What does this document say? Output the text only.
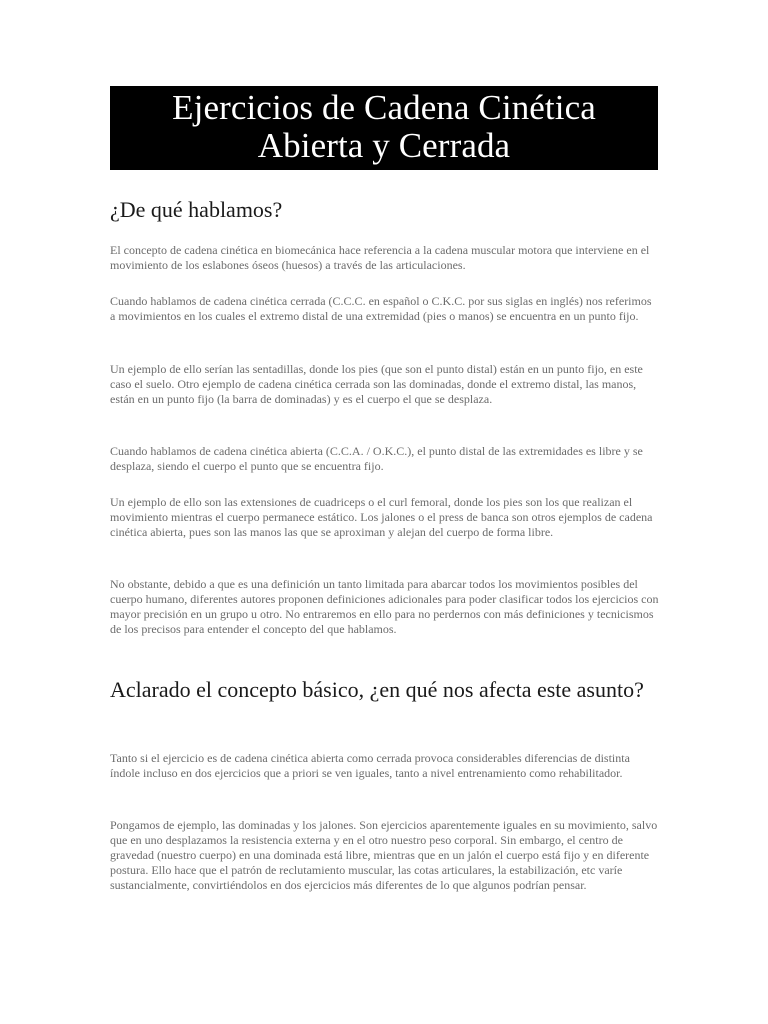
Ejercicios de Cadena Cinética
Abierta y Cerrada
¿De qué hablamos?

El concepto de cadena cinética en biomecánica hace referencia a la cadena muscular motora que interviene en el movimiento de los eslabones óseos (huesos) a través de las articulaciones.

Cuando hablamos de cadena cinética cerrada (C.C.C. en español o C.K.C. por sus siglas en inglés) nos referimos a movimientos en los cuales el extremo distal de una extremidad (pies o manos) se encuentra en un punto fijo.

Un ejemplo de ello serían las sentadillas, donde los pies (que son el punto distal) están en un punto fijo, en este caso el suelo. Otro ejemplo de cadena cinética cerrada son las dominadas, donde el extremo distal, las manos, están en un punto fijo (la barra de dominadas) y es el cuerpo el que se desplaza.

Cuando hablamos de cadena cinética abierta (C.C.A. / O.K.C.), el punto distal de las extremidades es libre y se desplaza, siendo el cuerpo el punto que se encuentra fijo.

Un ejemplo de ello son las extensiones de cuadriceps o el curl femoral, donde los pies son los que realizan el movimiento mientras el cuerpo permanece estático. Los jalones o el press de banca son otros ejemplos de cadena cinética abierta, pues son las manos las que se aproximan y alejan del cuerpo de forma libre.

No obstante, debido a que es una definición un tanto limitada para abarcar todos los movimientos posibles del cuerpo humano, diferentes autores proponen definiciones adicionales para poder clasificar todos los ejercicios con mayor precisión en un grupo u otro. No entraremos en ello para no perdernos con más definiciones y tecnicismos de los precisos para entender el concepto del que hablamos.

Aclarado el concepto básico, ¿en qué nos afecta este asunto?

Tanto si el ejercicio es de cadena cinética abierta como cerrada provoca considerables diferencias de distinta índole incluso en dos ejercicios que a priori se ven iguales, tanto a nivel entrenamiento como rehabilitador.

Pongamos de ejemplo, las dominadas y los jalones. Son ejercicios aparentemente iguales en su movimiento, salvo que en uno desplazamos la resistencia externa y en el otro nuestro peso corporal. Sin embargo, el centro de gravedad (nuestro cuerpo) en una dominada está libre, mientras que en un jalón el cuerpo está fijo y en diferente postura. Ello hace que el patrón de reclutamiento muscular, las cotas articulares, la estabilización, etc varíe sustancialmente, convirtiéndolos en dos ejercicios más diferentes de lo que algunos podrían pensar.
